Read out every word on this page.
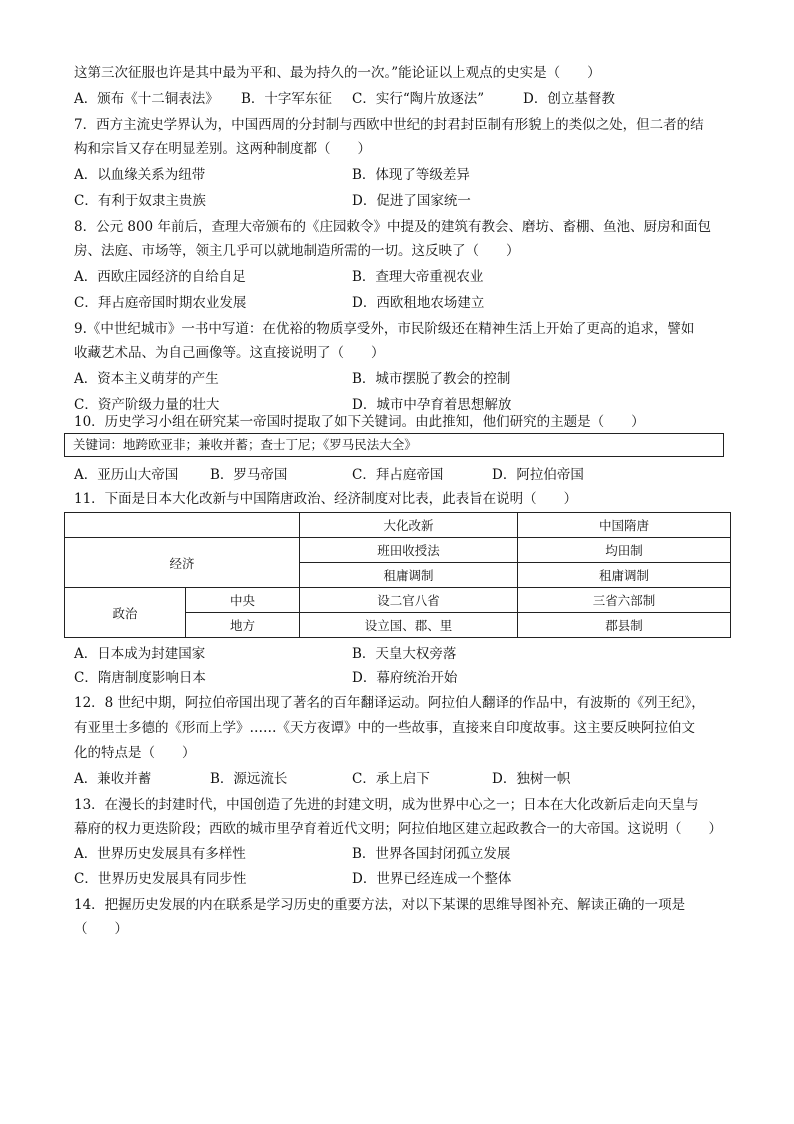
这第三次征服也许是其中最为平和、最为持久的一次。”能论证以上观点的史实是（　　）
A．颁布《十二铜表法》 B．十字军东征 C．实行“陶片放逐法”	D．创立基督教
7．西方主流史学界认为，中国西周的分封制与西欧中世纪的封君封臣制有形貌上的类似之处，但二者的结
构和宗旨又存在明显差别。这两种制度都（　　）
A．以血缘关系为纽带	B．体现了等级差异
C．有利于奴隶主贵族	D．促进了国家统一
8．公元 800 年前后，查理大帝颁布的《庄园敕令》中提及的建筑有教会、磨坊、畜棚、鱼池、厨房和面包
房、法庭、市场等，领主几乎可以就地制造所需的一切。这反映了（　　）
A．西欧庄园经济的自给自足	B．查理大帝重视农业
C．拜占庭帝国时期农业发展	D．西欧租地农场建立
9.《中世纪城市》一书中写道：在优裕的物质享受外，市民阶级还在精神生活上开始了更高的追求，譬如
收藏艺术品、为自己画像等。这直接说明了（　　）
A．资本主义萌芽的产生	B．城市摆脱了教会的控制
C．资产阶级力量的壮大	D．城市中孕育着思想解放
10．历史学习小组在研究某一帝国时提取了如下关键词。由此推知，他们研究的主题是（　　）
关键词：地跨欧亚非；兼收并蓄；查士丁尼；《罗马民法大全》
A．亚历山大帝国 B．罗马帝国	C．拜占庭帝国	D．阿拉伯帝国
11．下面是日本大化改新与中国隋唐政治、经济制度对比表，此表旨在说明（　　）
		大化改新	中国隋唐
经济		班田收授法	均田制
		租庸调制	租庸调制
政治	中央	设二官八省	三省六部制
	地方	设立国、郡、里	郡县制
A．日本成为封建国家	B．天皇大权旁落
C．隋唐制度影响日本	D．幕府统治开始
12．8 世纪中期，阿拉伯帝国出现了著名的百年翻译运动。阿拉伯人翻译的作品中，有波斯的《列王纪》，
有亚里士多德的《形而上学》……《天方夜谭》中的一些故事，直接来自印度故事。这主要反映阿拉伯文
化的特点是（　　）
A．兼收并蓄	B．源远流长	C．承上启下	D．独树一帜
13．在漫长的封建时代，中国创造了先进的封建文明，成为世界中心之一；日本在大化改新后走向天皇与
幕府的权力更迭阶段；西欧的城市里孕育着近代文明；阿拉伯地区建立起政教合一的大帝国。这说明（　　）
A．世界历史发展具有多样性	B．世界各国封闭孤立发展
C．世界历史发展具有同步性	D．世界已经连成一个整体
14．把握历史发展的内在联系是学习历史的重要方法，对以下某课的思维导图补充、解读正确的一项是
（　　）
